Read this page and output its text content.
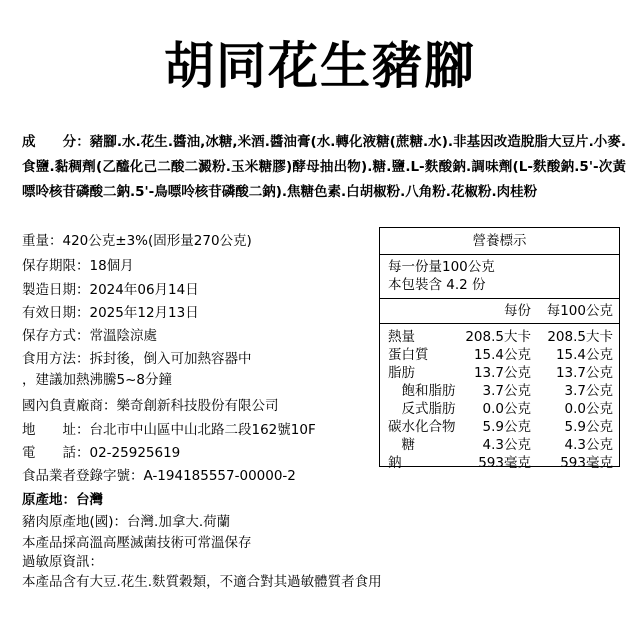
胡同花生豬腳
成　　分：豬腳.水.花生.醬油,冰糖,米酒.醬油膏(水.轉化液糖(蔗糖.水).非基因改造脫脂大豆片.小麥.食鹽.黏稠劑(乙醯化己二酸二澱粉.玉米糖膠)酵母抽出物).糖.鹽.L-麩酸鈉.調味劑(L-麩酸鈉.5'-次黃嘌呤核苷磷酸二鈉.5'-鳥嘌呤核苷磷酸二鈉).焦糖色素.白胡椒粉.八角粉.花椒粉.肉桂粉
重量：420公克±3%(固形量270公克)
保存期限：18個月
製造日期：2024年06月14日
有效日期：2025年12月13日
保存方式：常溫陰涼處
食用方法：拆封後，倒入可加熱容器中
，建議加熱沸騰5~8分鐘
國內負責廠商：樂奇創新科技股份有限公司
地　　址：台北市中山區中山北路二段162號10F
電　　話：02-25925619
食品業者登錄字號：A-194185557-00000-2
原產地：台灣
豬肉原產地(國)：台灣.加拿大.荷蘭
本產品採高溫高壓滅菌技術可常溫保存
過敏原資訊：
本產品含有大豆.花生.麩質穀類，不適合對其過敏體質者食用
營養標示
每一份量100公克
本包裝含 4.2 份
每份 每100公克
熱量	208.5大卡 208.5大卡
蛋白質	15.4公克 15.4公克
脂肪	13.7公克 13.7公克
　飽和脂肪 3.7公克 3.7公克
　反式脂肪 0.0公克 0.0公克
碳水化合物 5.9公克 5.9公克
　糖	4.3公克 4.3公克
鈉	593毫克 593毫克
